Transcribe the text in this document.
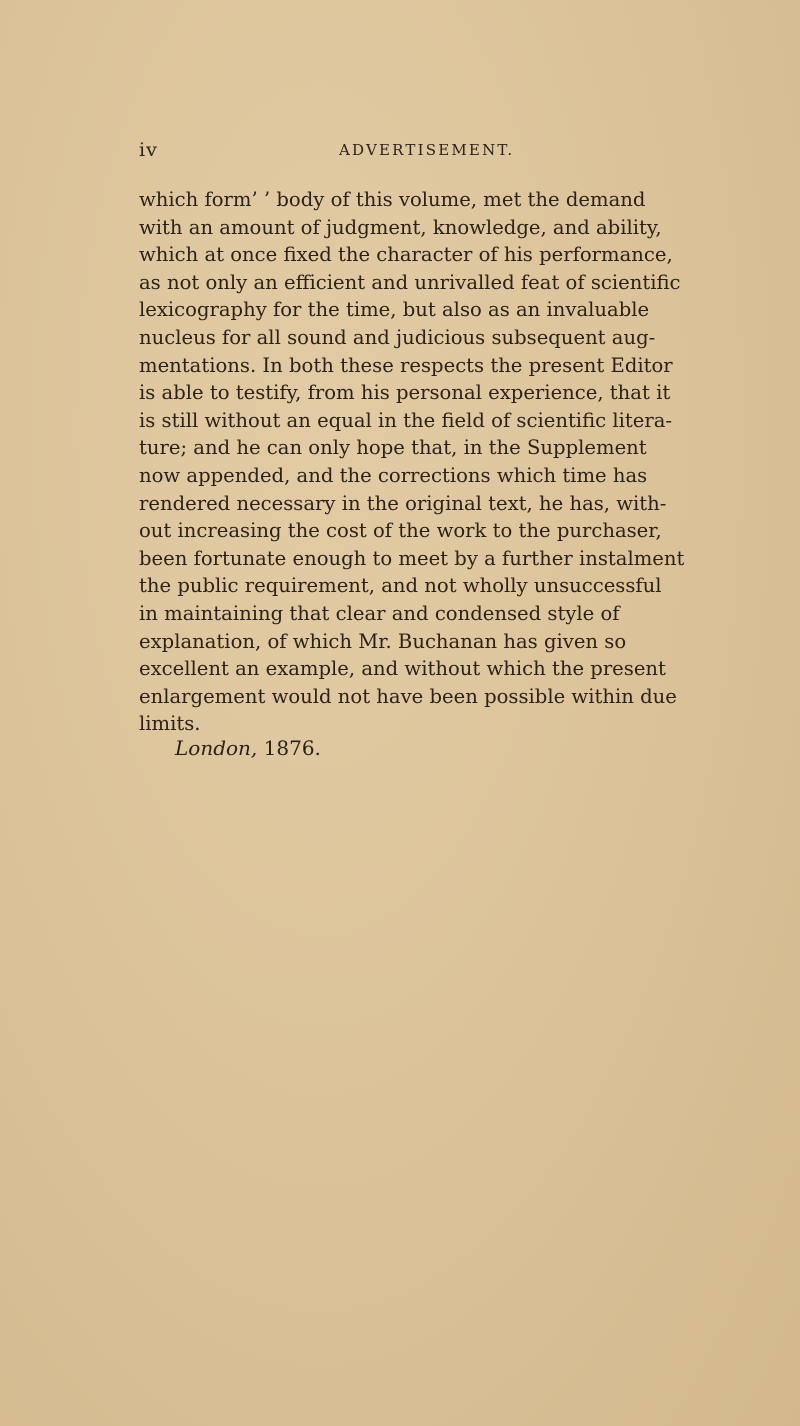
iv	ADVERTISEMENT.
which form’ ’ body of this volume, met the demand
with an amount of judgment, knowledge, and ability,
which at once fixed the character of his performance,
as not only an efficient and unrivalled feat of scientific
lexicography for the time, but also as an invaluable
nucleus for all sound and judicious subsequent aug-
mentations. In both these respects the present Editor
is able to testify, from his personal experience, that it
is still without an equal in the field of scientific litera-
ture; and he can only hope that, in the Supplement
now appended, and the corrections which time has
rendered necessary in the original text, he has, with-
out increasing the cost of the work to the purchaser,
been fortunate enough to meet by a further instalment
the public requirement, and not wholly unsuccessful
in maintaining that clear and condensed style of
explanation, of which Mr. Buchanan has given so
excellent an example, and without which the present
enlargement would not have been possible within due
limits.
London, 1876.
